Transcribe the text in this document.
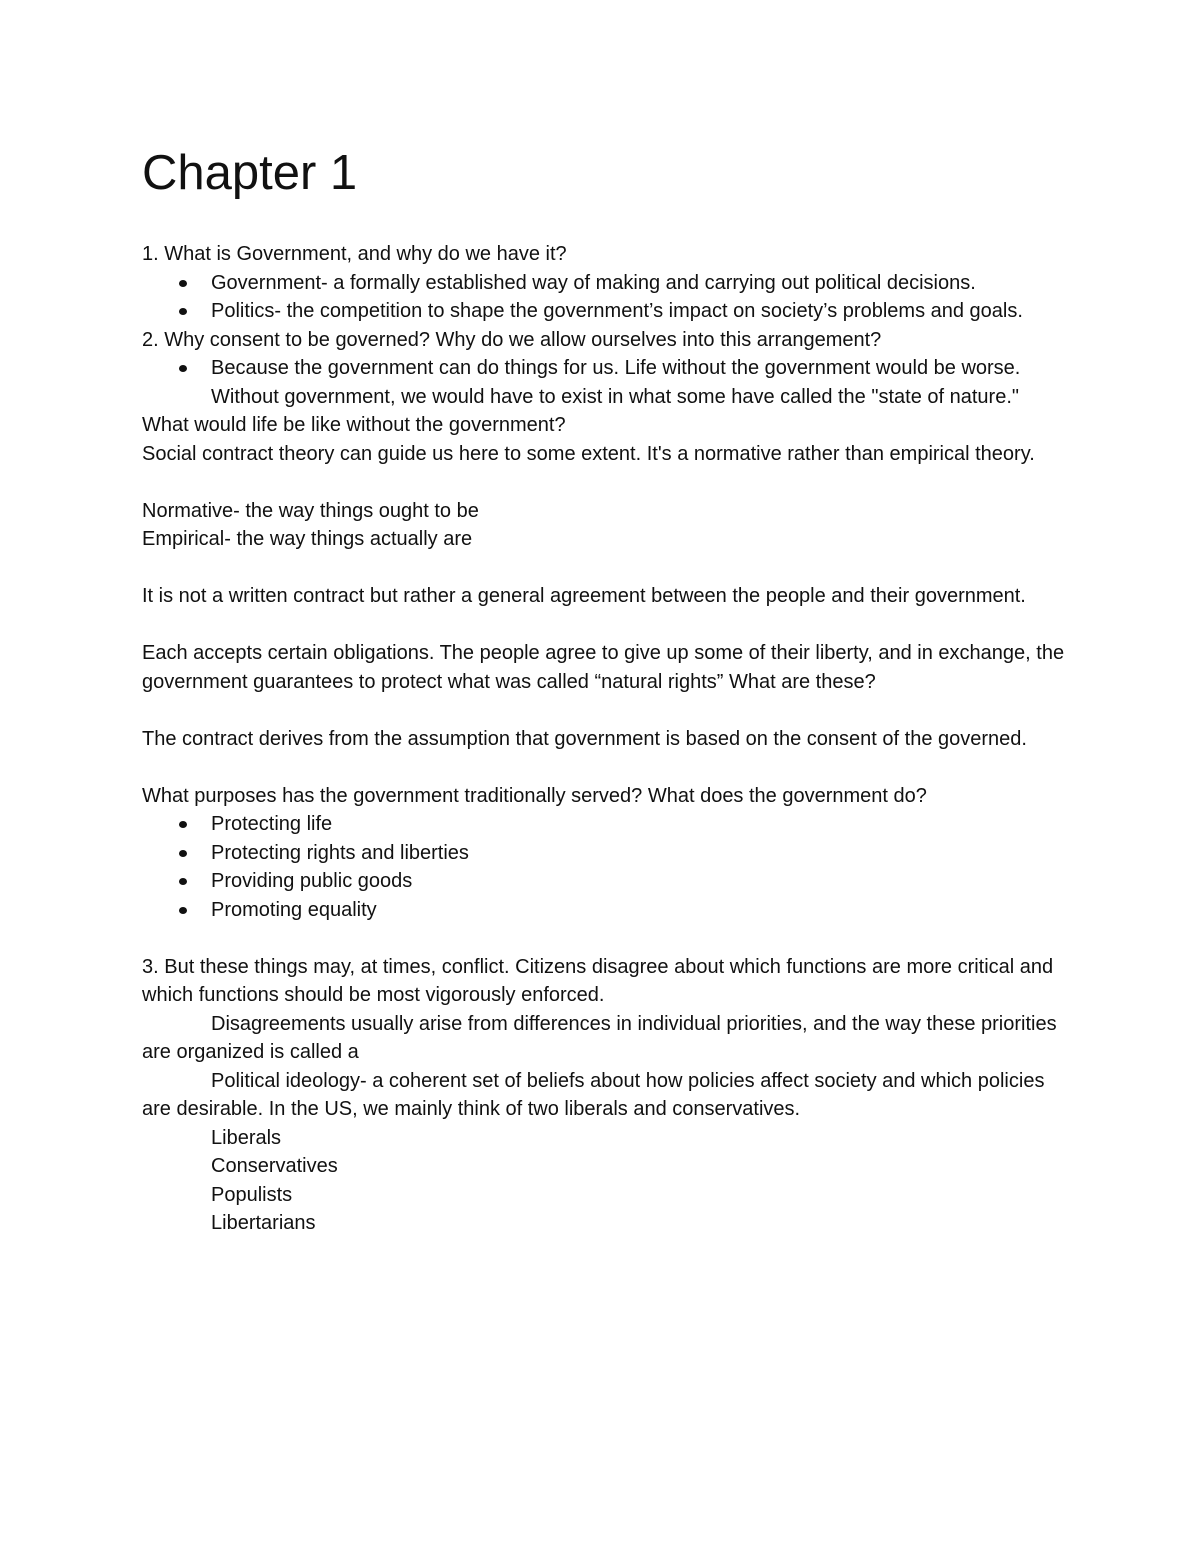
Chapter 1

1. What is Government, and why do we have it?

Government- a formally established way of making and carrying out political decisions.
Politics- the competition to shape the government’s impact on society’s problems and goals.

2. Why consent to be governed? Why do we allow ourselves into this arrangement?

Because the government can do things for us. Life without the government would be worse. Without government, we would have to exist in what some have called the "state of nature."

What would life be like without the government?

Social contract theory can guide us here to some extent. It's a normative rather than empirical theory.

Normative- the way things ought to be

Empirical- the way things actually are

It is not a written contract but rather a general agreement between the people and their government.

Each accepts certain obligations. The people agree to give up some of their liberty, and in exchange, the government guarantees to protect what was called “natural rights” What are these?

The contract derives from the assumption that government is based on the consent of the governed.

What purposes has the government traditionally served? What does the government do?

Protecting life
Protecting rights and liberties
Providing public goods
Promoting equality

3. But these things may, at times, conflict. Citizens disagree about which functions are more critical and which functions should be most vigorously enforced.

Disagreements usually arise from differences in individual priorities, and the way these priorities are organized is called a

Political ideology- a coherent set of beliefs about how policies affect society and which policies are desirable. In the US, we mainly think of two liberals and conservatives.

Liberals

Conservatives

Populists

Libertarians
